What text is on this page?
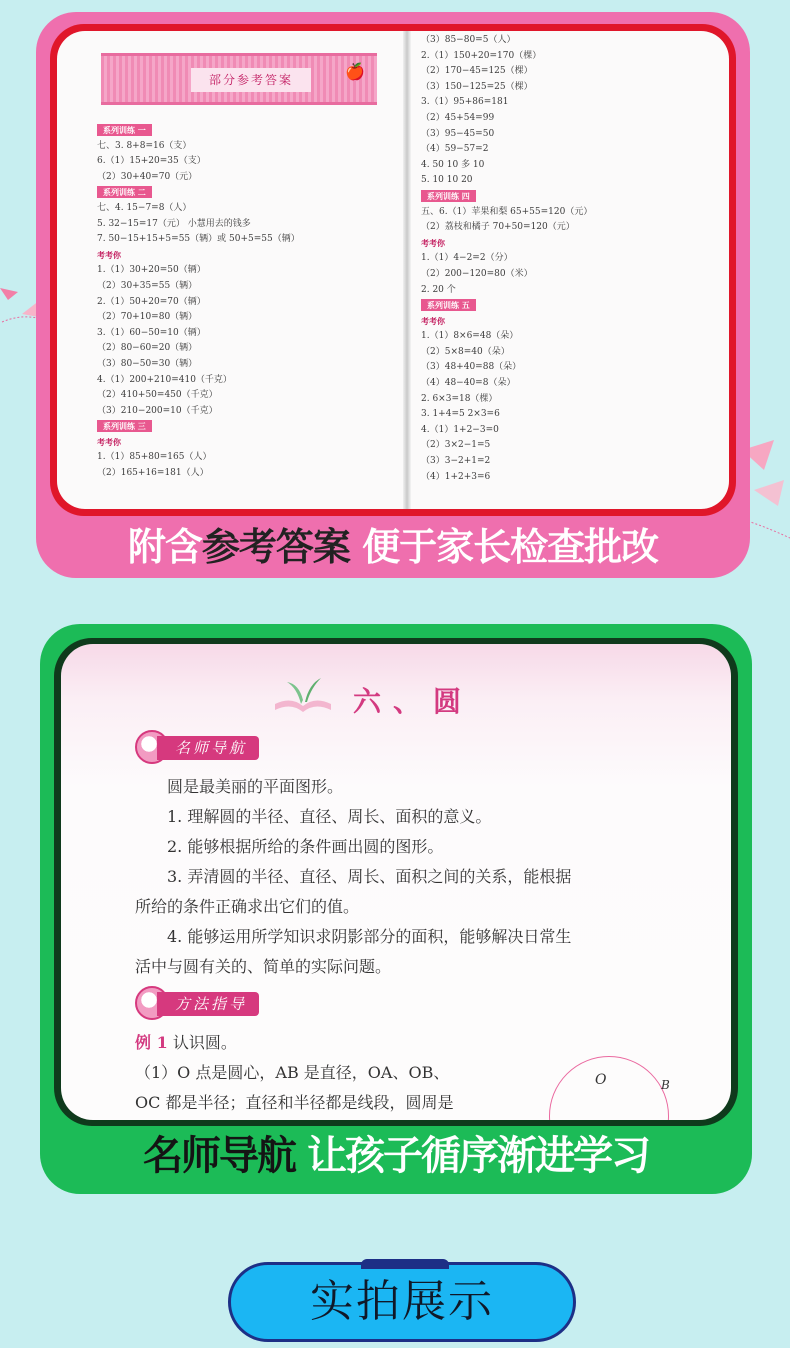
部分参考答案	🍎
系列训练 一
七、3. 8+8=16（支）
6.（1）15+20=35（支）
（2）30+40=70（元）
系列训练 二
七、4. 15−7=8（人）
5. 32−15=17（元） 小慧用去的钱多
7. 50−15+15+5=55（辆）或 50+5=55（辆）
考考你
1.（1）30+20=50（辆）
（2）30+35=55（辆）
2.（1）50+20=70（辆）
（2）70+10=80（辆）
3.（1）60−50=10（辆）
（2）80−60=20（辆）
（3）80−50=30（辆）
4.（1）200+210=410（千克）
（2）410+50=450（千克）
（3）210−200=10（千克）
系列训练 三
考考你
1.（1）85+80=165（人）
（2）165+16=181（人）
（3）85−80=5（人）
2.（1）150+20=170（棵）
（2）170−45=125（棵）
（3）150−125=25（棵）
3.（1）95+86=181
（2）45+54=99
（3）95−45=50
（4）59−57=2
4. 50 10 多 10
5. 10 10 20
系列训练 四
五、6.（1）苹果和梨 65+55=120（元）
（2）荔枝和橘子 70+50=120（元）
考考你
1.（1）4−2=2（分）
（2）200−120=80（米）
2. 20 个
系列训练 五
考考你
1.（1）8×6=48（朵）
（2）5×8=40（朵）
（3）48+40=88（朵）
（4）48−40=8（朵）
2. 6×3=18（棵）
3. 1+4=5 2×3=6
4.（1）1+2−3=0
（2）3×2−1=5
（3）3−2+1=2
（4）1+2+3=6
附含参考答案 便于家长检查批改
六、圆
名师导航
圆是最美丽的平面图形。
1. 理解圆的半径、直径、周长、面积的意义。
2. 能够根据所给的条件画出圆的图形。
3. 弄清圆的半径、直径、周长、面积之间的关系，能根据
所给的条件正确求出它们的值。
4. 能够运用所学知识求阴影部分的面积，能够解决日常生
活中与圆有关的、简单的实际问题。
方法指导
例 1 认识圆。
（1）O 点是圆心，AB 是直径，OA、OB、
OC 都是半径；直径和半径都是线段，圆周是
O	B
名师导航 让孩子循序渐进学习
实拍展示
